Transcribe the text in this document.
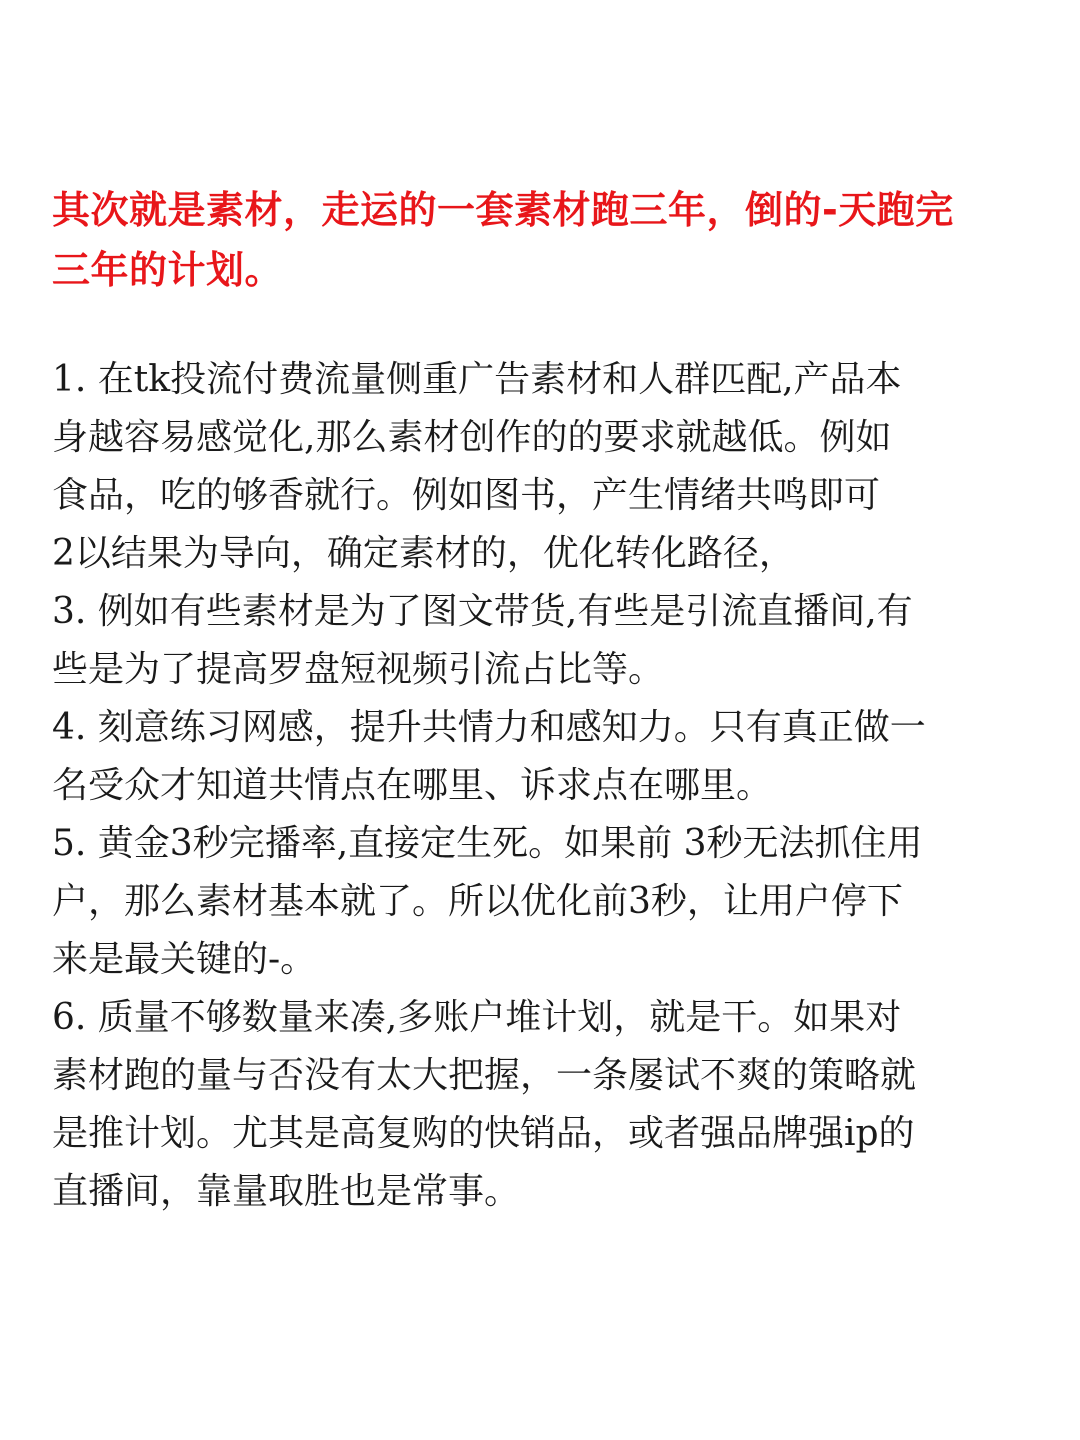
其次就是素材，走运的一套素材跑三年，倒的-天跑完
三年的计划。
1. 在tk投流付费流量侧重广告素材和人群匹配,产品本
身越容易感觉化,那么素材创作的的要求就越低。例如
食品，吃的够香就行。例如图书，产生情绪共鸣即可
2以结果为导向，确定素材的，优化转化路径，
3. 例如有些素材是为了图文带货,有些是引流直播间,有
些是为了提高罗盘短视频引流占比等。
4. 刻意练习网感，提升共情力和感知力。只有真正做一
名受众才知道共情点在哪里、诉求点在哪里。
5. 黄金3秒完播率,直接定生死。如果前 3秒无法抓住用
户，那么素材基本就了。所以优化前3秒，让用户停下
来是最关键的-。
6. 质量不够数量来凑,多账户堆计划，就是干。如果对
素材跑的量与否没有太大把握，一条屡试不爽的策略就
是推计划。尤其是高复购的快销品，或者强品牌强ip的
直播间，靠量取胜也是常事。
